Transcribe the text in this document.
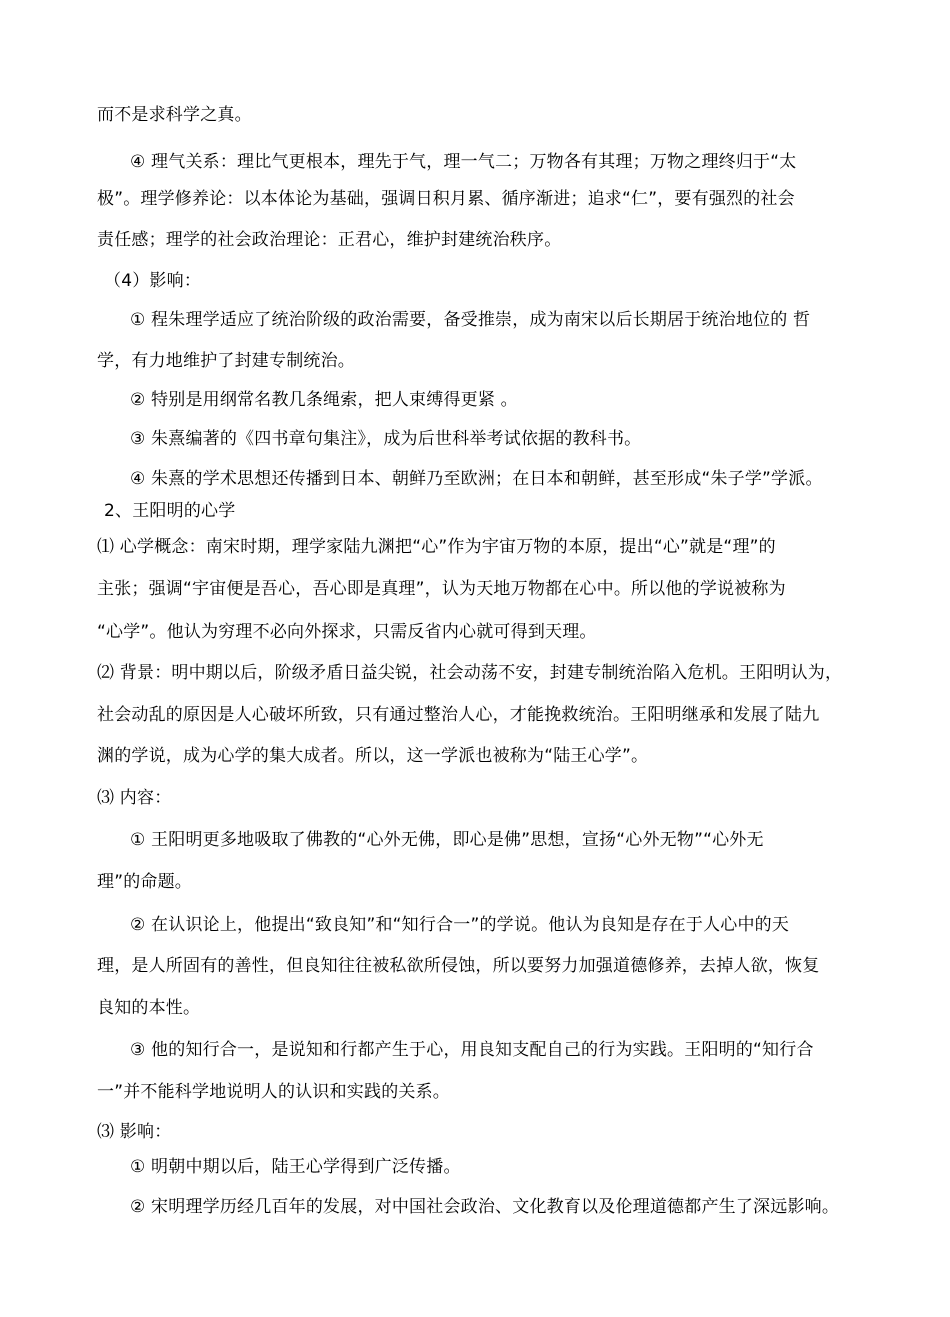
而不是求科学之真。
④ 理气关系：理比气更根本，理先于气，理一气二；万物各有其理；万物之理终归于“太
极”。理学修养论：以本体论为基础，强调日积月累、循序渐进；追求“仁”，要有强烈的社会
责任感；理学的社会政治理论：正君心，维护封建统治秩序。
（4）影响：
① 程朱理学适应了统治阶级的政治需要，备受推崇，成为南宋以后长期居于统治地位的 哲
学，有力地维护了封建专制统治。
② 特别是用纲常名教几条绳索，把人束缚得更紧 。
③ 朱熹编著的《四书章句集注》，成为后世科举考试依据的教科书。
④ 朱熹的学术思想还传播到日本、朝鲜乃至欧洲；在日本和朝鲜，甚至形成“朱子学”学派。
2、王阳明的心学
⑴ 心学概念：南宋时期，理学家陆九渊把“心”作为宇宙万物的本原，提出“心”就是“理”的
主张；强调“宇宙便是吾心，吾心即是真理”，认为天地万物都在心中。所以他的学说被称为
“心学”。他认为穷理不必向外探求，只需反省内心就可得到天理。
⑵ 背景：明中期以后，阶级矛盾日益尖锐，社会动荡不安，封建专制统治陷入危机。王阳明认为，
社会动乱的原因是人心破坏所致，只有通过整治人心，才能挽救统治。王阳明继承和发展了陆九
渊的学说，成为心学的集大成者。所以，这一学派也被称为“陆王心学”。
⑶ 内容：
① 王阳明更多地吸取了佛教的“心外无佛，即心是佛”思想，宣扬“心外无物”“心外无
理”的命题。
② 在认识论上，他提出“致良知”和“知行合一”的学说。他认为良知是存在于人心中的天
理，是人所固有的善性，但良知往往被私欲所侵蚀，所以要努力加强道德修养，去掉人欲，恢复
良知的本性。
③ 他的知行合一，是说知和行都产生于心，用良知支配自己的行为实践。王阳明的“知行合
一”并不能科学地说明人的认识和实践的关系。
⑶ 影响：
① 明朝中期以后，陆王心学得到广泛传播。
② 宋明理学历经几百年的发展，对中国社会政治、文化教育以及伦理道德都产生了深远影响。
